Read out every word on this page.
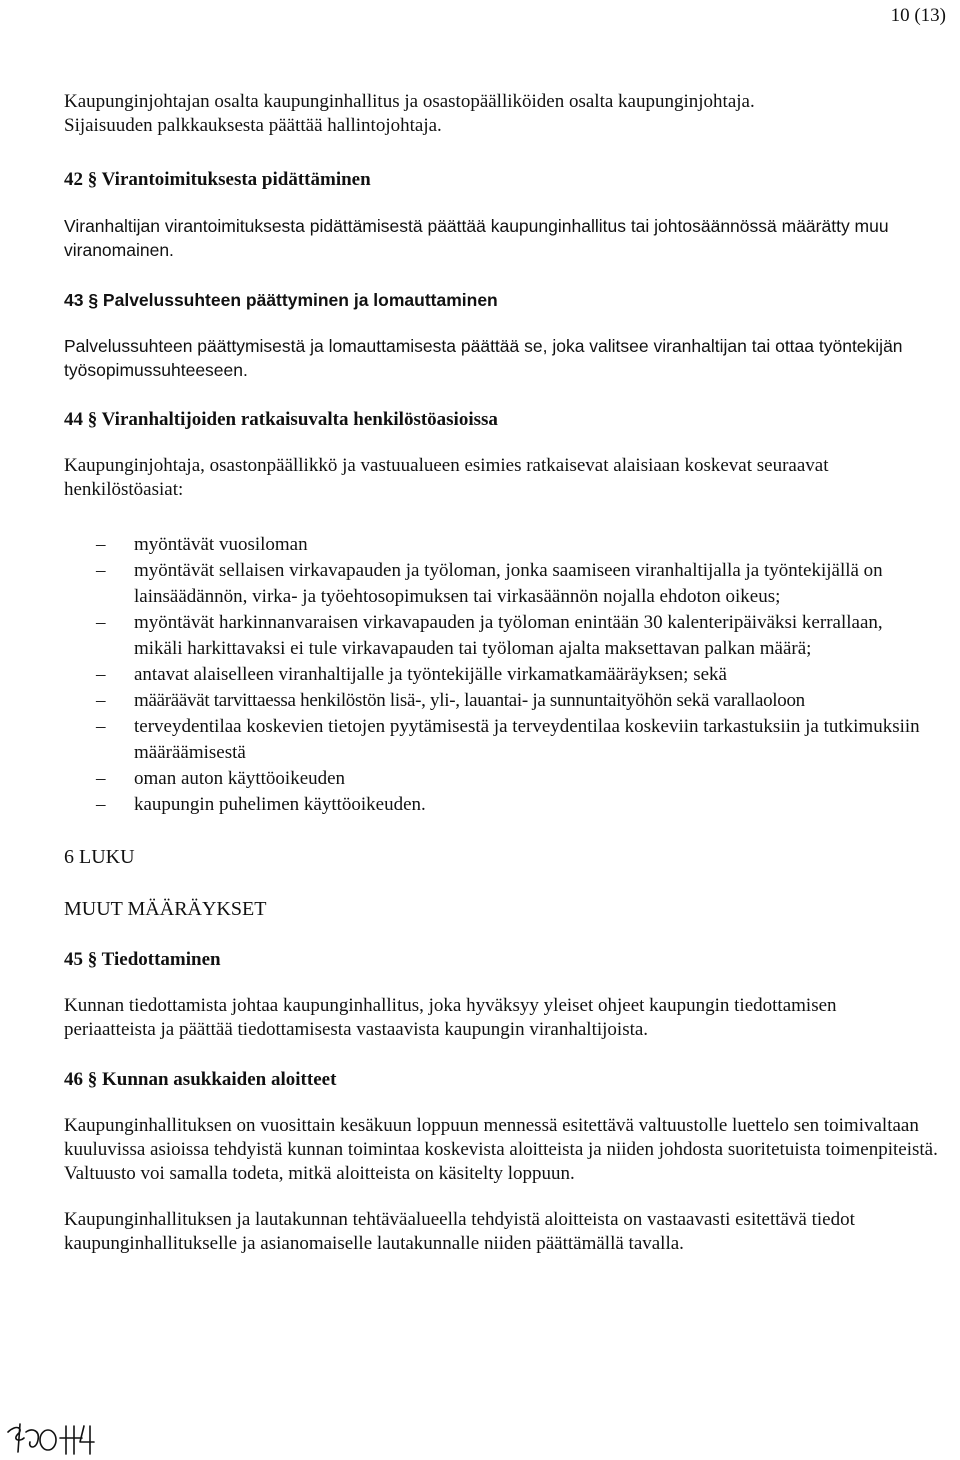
10 (13)

Kaupunginjohtajan osalta kaupunginhallitus ja osastopäälliköiden osalta kaupunginjohtaja.

Sijaisuuden palkkauksesta päättää hallintojohtaja.

42 § Virantoimituksesta pidättäminen

Viranhaltijan virantoimituksesta pidättämisestä päättää kaupunginhallitus tai johtosäännössä määrätty muu viranomainen.

43 § Palvelussuhteen päättyminen ja lomauttaminen

Palvelussuhteen päättymisestä ja lomauttamisesta päättää se, joka valitsee viranhaltijan tai ottaa työntekijän työsopimussuhteeseen.

44 § Viranhaltijoiden ratkaisuvalta henkilöstöasioissa

Kaupunginjohtaja, osastonpäällikkö ja vastuualueen esimies ratkaisevat alaisiaan koskevat seuraavat henkilöstöasiat:

– myöntävät vuosiloman
– myöntävät sellaisen virkavapauden ja työloman, jonka saamiseen viranhaltijalla ja työntekijällä on lainsäädännön, virka- ja työehtosopimuksen tai virkasäännön nojalla ehdoton oikeus;
– myöntävät harkinnanvaraisen virkavapauden ja työloman enintään 30 kalenteripäiväksi kerrallaan, mikäli harkittavaksi ei tule virkavapauden tai työloman ajalta maksettavan palkan määrä;
– antavat alaiselleen viranhaltijalle ja työntekijälle virkamatkamääräyksen; sekä
– määräävät tarvittaessa henkilöstön lisä-, yli-, lauantai- ja sunnuntaityöhön sekä varallaoloon
– terveydentilaa koskevien tietojen pyytämisestä ja terveydentilaa koskeviin tarkastuksiin ja tutkimuksiin määräämisestä
– oman auton käyttöoikeuden
– kaupungin puhelimen käyttöoikeuden.

6 LUKU

MUUT MÄÄRÄYKSET

45 § Tiedottaminen

Kunnan tiedottamista johtaa kaupunginhallitus, joka hyväksyy yleiset ohjeet kaupungin tiedottamisen periaatteista ja päättää tiedottamisesta vastaavista kaupungin viranhaltijoista.

46 § Kunnan asukkaiden aloitteet

Kaupunginhallituksen on vuosittain kesäkuun loppuun mennessä esitettävä valtuustolle luettelo sen toimivaltaan kuuluvissa asioissa tehdyistä kunnan toimintaa koskevista aloitteista ja niiden johdosta suoritetuista toimenpiteistä. Valtuusto voi samalla todeta, mitkä aloitteista on käsitelty loppuun.

Kaupunginhallituksen ja lautakunnan tehtäväalueella tehdyistä aloitteista on vastaavasti esitettävä tiedot kaupunginhallitukselle ja asianomaiselle lautakunnalle niiden päättämällä tavalla.
